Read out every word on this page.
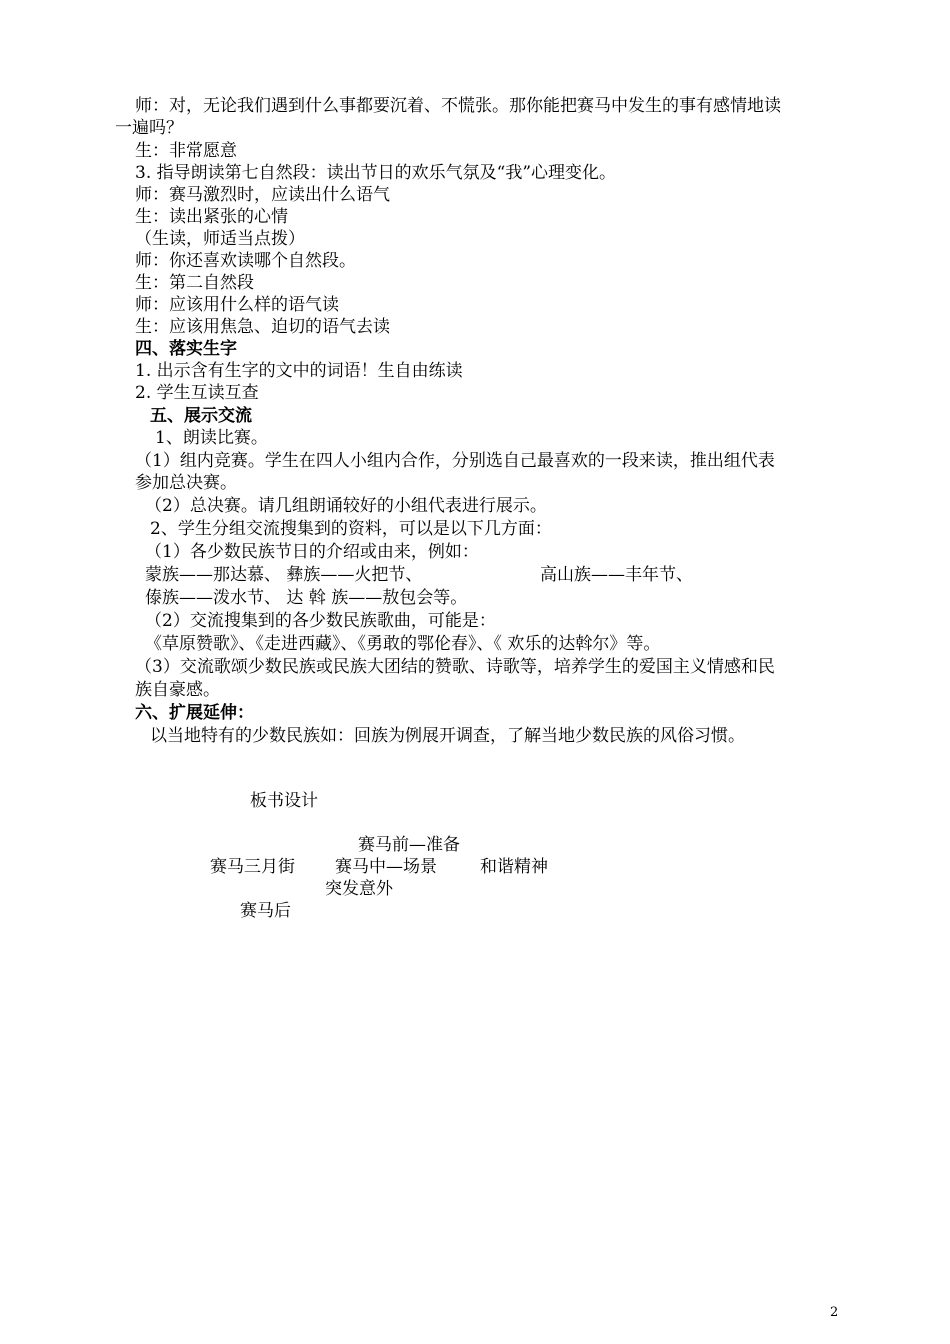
师：对，无论我们遇到什么事都要沉着、不慌张。那你能把赛马中发生的事有感情地读
一遍吗？
生：非常愿意
3. 指导朗读第七自然段：读出节日的欢乐气氛及“我”心理变化。
师：赛马激烈时，应读出什么语气
生：读出紧张的心情
（生读，师适当点拨）
师：你还喜欢读哪个自然段。
生：第二自然段
师：应该用什么样的语气读
生：应该用焦急、迫切的语气去读
四、落实生字
1. 出示含有生字的文中的词语！生自由练读
2. 学生互读互查
五、展示交流
1、朗读比赛。
（1）组内竞赛。学生在四人小组内合作，分别选自己最喜欢的一段来读，推出组代表
参加总决赛。
（2）总决赛。请几组朗诵较好的小组代表进行展示。
2、学生分组交流搜集到的资料，可以是以下几方面：
（1）各少数民族节日的介绍或由来，例如：
蒙族——那达慕、 彝族——火把节、	高山族——丰年节、
傣族——泼水节、 达 斡 族——敖包会等。
（2）交流搜集到的各少数民族歌曲，可能是：
《草原赞歌》、《走进西藏》、《勇敢的鄂伦春》、《 欢乐的达斡尔》等。
（3）交流歌颂少数民族或民族大团结的赞歌、诗歌等，培养学生的爱国主义情感和民
族自豪感。
六、扩展延伸：
以当地特有的少数民族如：回族为例展开调查，了解当地少数民族的风俗习惯。
板书设计
赛马前—准备
赛马三月街 赛马中—场景	和谐精神
突发意外
赛马后
2
